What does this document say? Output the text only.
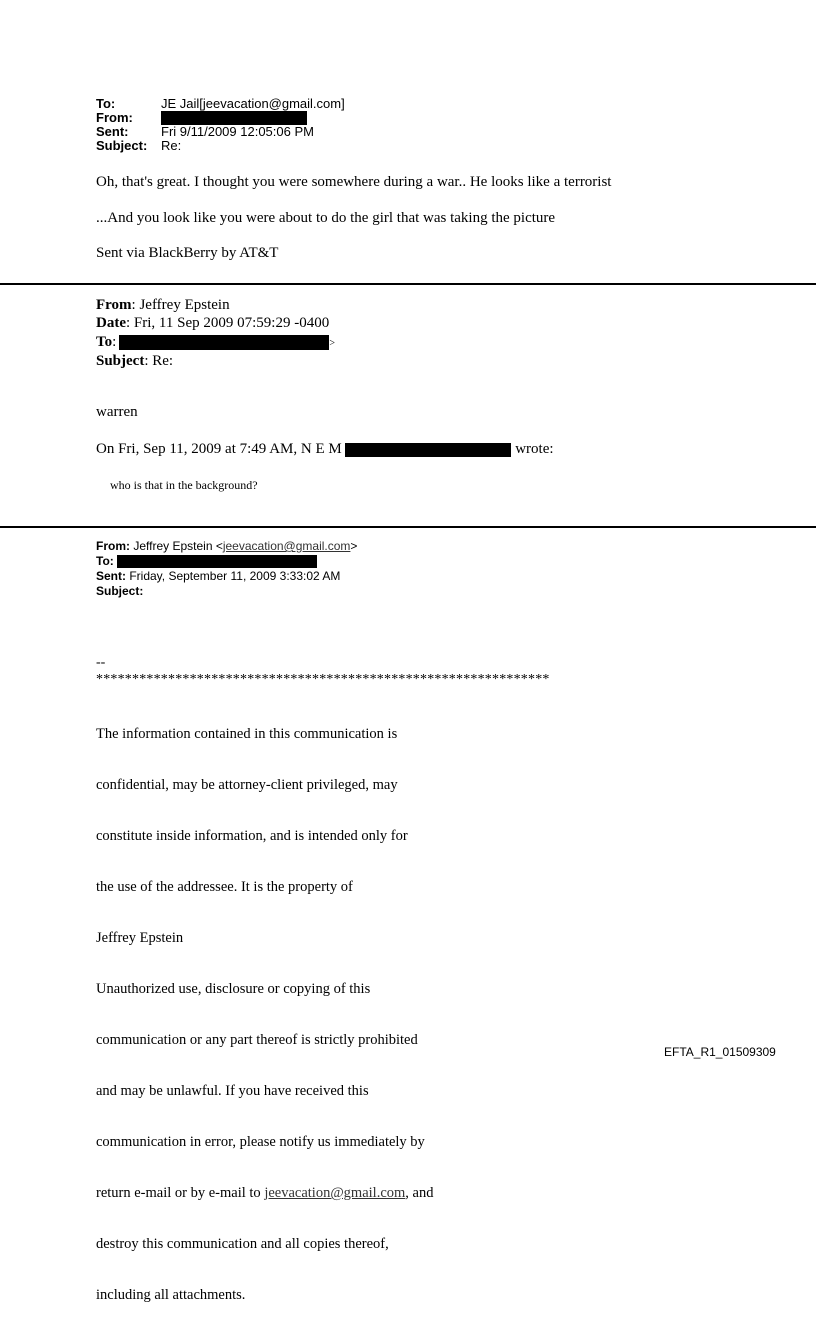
To:	JE Jail[jeevacation@gmail.com]
From:
Sent:	Fri 9/11/2009 12:05:06 PM
Subject: Re:
Oh, that's great. I thought you were somewhere during a war.. He looks like a terrorist
...And you look like you were about to do the girl that was taking the picture
Sent via BlackBerry by AT&T
From: Jeffrey Epstein
Date: Fri, 11 Sep 2009 07:59:29 -0400
To:	>
Subject: Re:
warren
On Fri, Sep 11, 2009 at 7:49 AM, N E M	wrote:
who is that in the background?
From: Jeffrey Epstein <jeevacation@gmail.com>
To:
Sent: Friday, September 11, 2009 3:33:02 AM
Subject:
--
***************************************************************

The information contained in this communication is

confidential, may be attorney-client privileged, may

constitute inside information, and is intended only for

the use of the addressee. It is the property of

Jeffrey Epstein

Unauthorized use, disclosure or copying of this

communication or any part thereof is strictly prohibited

and may be unlawful. If you have received this

communication in error, please notify us immediately by

return e-mail or by e-mail to jeevacation@gmail.com, and

destroy this communication and all copies thereof,

including all attachments.

EFTA_R1_01509309
